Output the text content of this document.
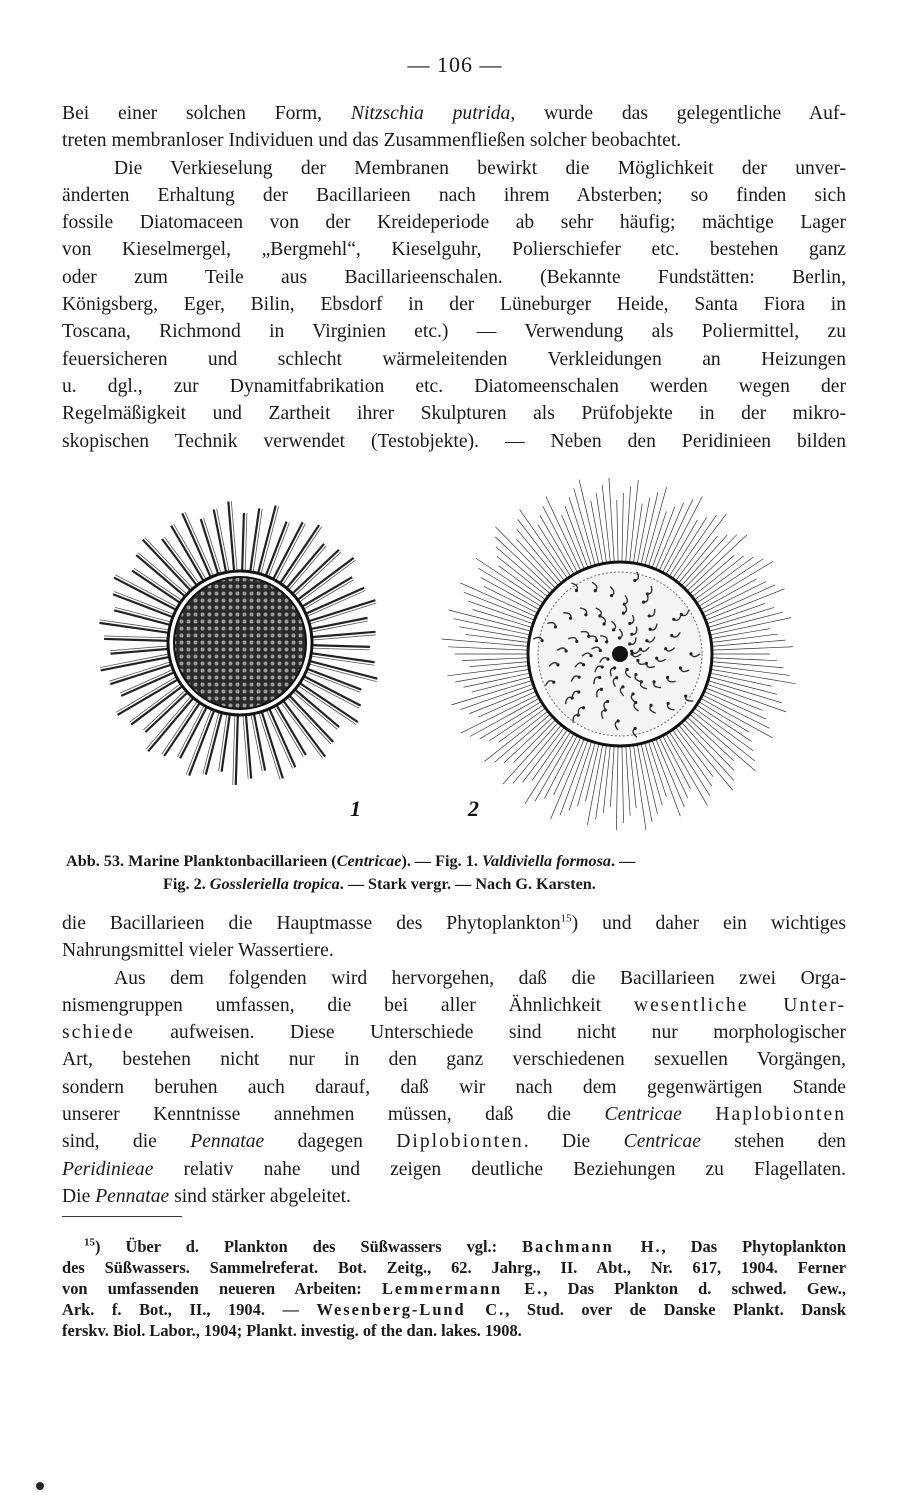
— 106 —
Bei einer solchen Form, Nitzschia putrida, wurde das gelegentliche Auf-
treten membranloser Individuen und das Zusammenfließen solcher beobachtet.
Die Verkieselung der Membranen bewirkt die Möglichkeit der unver-
änderten Erhaltung der Bacillarieen nach ihrem Absterben; so finden sich
fossile Diatomaceen von der Kreideperiode ab sehr häufig; mächtige Lager
von Kieselmergel, „Bergmehl“, Kieselguhr, Polierschiefer etc. bestehen ganz
oder zum Teile aus Bacillarieenschalen. (Bekannte Fundstätten: Berlin,
Königsberg, Eger, Bilin, Ebsdorf in der Lüneburger Heide, Santa Fiora in
Toscana, Richmond in Virginien etc.) — Verwendung als Poliermittel, zu
feuersicheren und schlecht wärmeleitenden Verkleidungen an Heizungen
u. dgl., zur Dynamitfabrikation etc. Diatomeenschalen werden wegen der
Regelmäßigkeit und Zartheit ihrer Skulpturen als Prüfobjekte in der mikro-
skopischen Technik verwendet (Testobjekte). — Neben den Peridinieen bilden
1	2
Abb. 53. Marine Planktonbacillarieen (Centricae). — Fig. 1. Valdiviella formosa. —
Fig. 2. Gossleriella tropica. — Stark vergr. — Nach G. Karsten.
die Bacillarieen die Hauptmasse des Phytoplankton$^{15}$) und daher ein wichtiges
Nahrungsmittel vieler Wassertiere.
Aus dem folgenden wird hervorgehen, daß die Bacillarieen zwei Orga-
nismengruppen umfassen, die bei aller Ähnlichkeit wesentliche Unter-
schiede aufweisen. Diese Unterschiede sind nicht nur morphologischer
Art, bestehen nicht nur in den ganz verschiedenen sexuellen Vorgängen,
sondern beruhen auch darauf, daß wir nach dem gegenwärtigen Stande
unserer Kenntnisse annehmen müssen, daß die Centricae Haplobionten
sind, die Pennatae dagegen Diplobionten. Die Centricae stehen den
Peridinieae relativ nahe und zeigen deutliche Beziehungen zu Flagellaten.
Die Pennatae sind stärker abgeleitet.
$^{15}$) Über d. Plankton des Süßwassers vgl.: Bachmann H., Das Phytoplankton
des Süßwassers. Sammelreferat. Bot. Zeitg., 62. Jahrg., II. Abt., Nr. 617, 1904. Ferner
von umfassenden neueren Arbeiten: Lemmermann E., Das Plankton d. schwed. Gew.,
Ark. f. Bot., II., 1904. — Wesenberg-Lund C., Stud. over de Danske Plankt. Dansk
ferskv. Biol. Labor., 1904; Plankt. investig. of the dan. lakes. 1908.
